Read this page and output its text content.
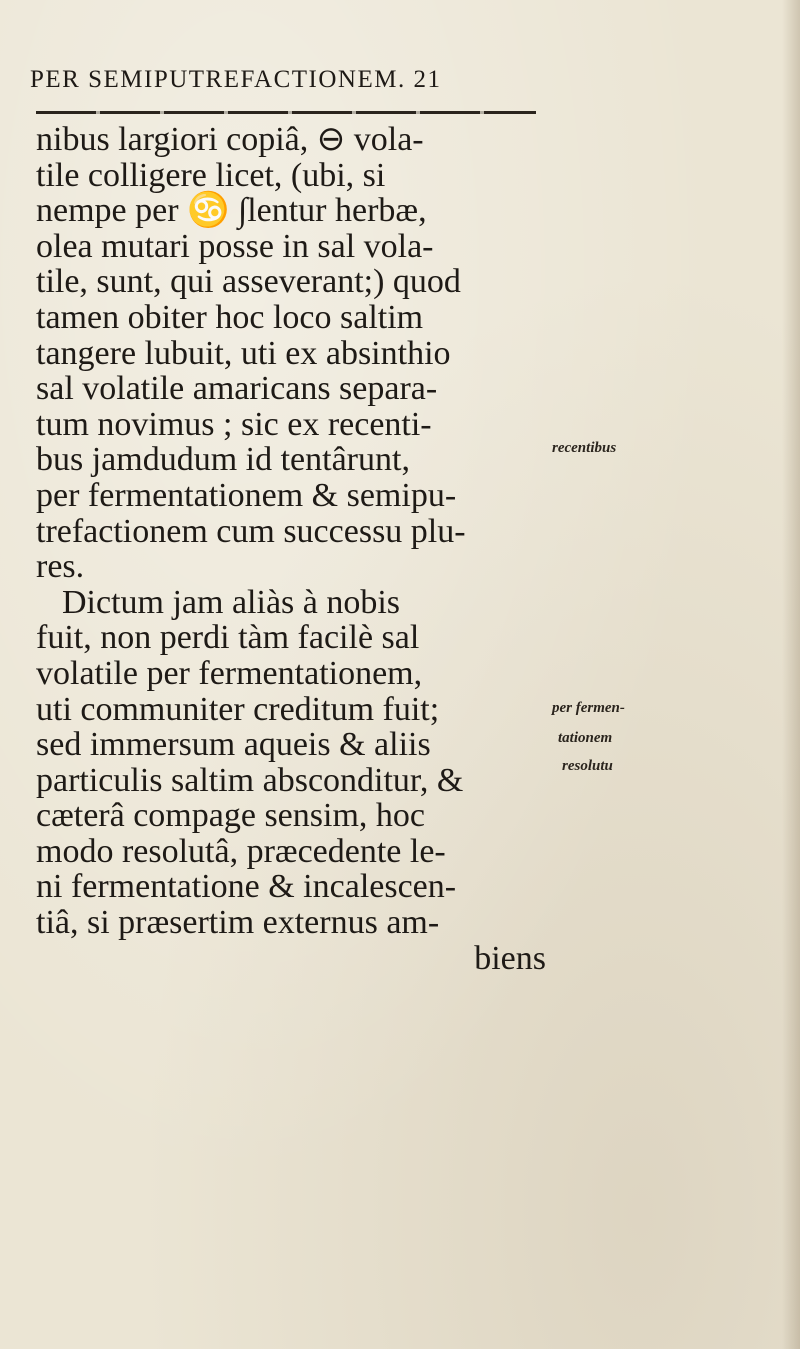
PER SEMIPUTREFACTIONEM. 21
nibus largiori copiâ, ⊖ vola-
tile colligere licet, (ubi, si
nempe per ♋ ∫lentur herbæ,
olea mutari posse in sal vola-
tile, sunt, qui asseverant;) quod
tamen obiter hoc loco saltim
tangere lubuit, uti ex absinthio
sal volatile amaricans separa-
tum novimus ; sic ex recenti-
bus jamdudum id tentârunt,
per fermentationem & semipu-
trefactionem cum successu plu-
res.
Dictum jam aliàs à nobis
fuit, non perdi tàm facilè sal
volatile per fermentationem,
uti communiter creditum fuit;
sed immersum aqueis & aliis
particulis saltim absconditur, &
cæterâ compage sensim, hoc
modo resolutâ, præcedente le-
ni fermentatione & incalescen-
tiâ, si præsertim externus am-
biens
recentibus
per fermen-
tationem
resolutu
